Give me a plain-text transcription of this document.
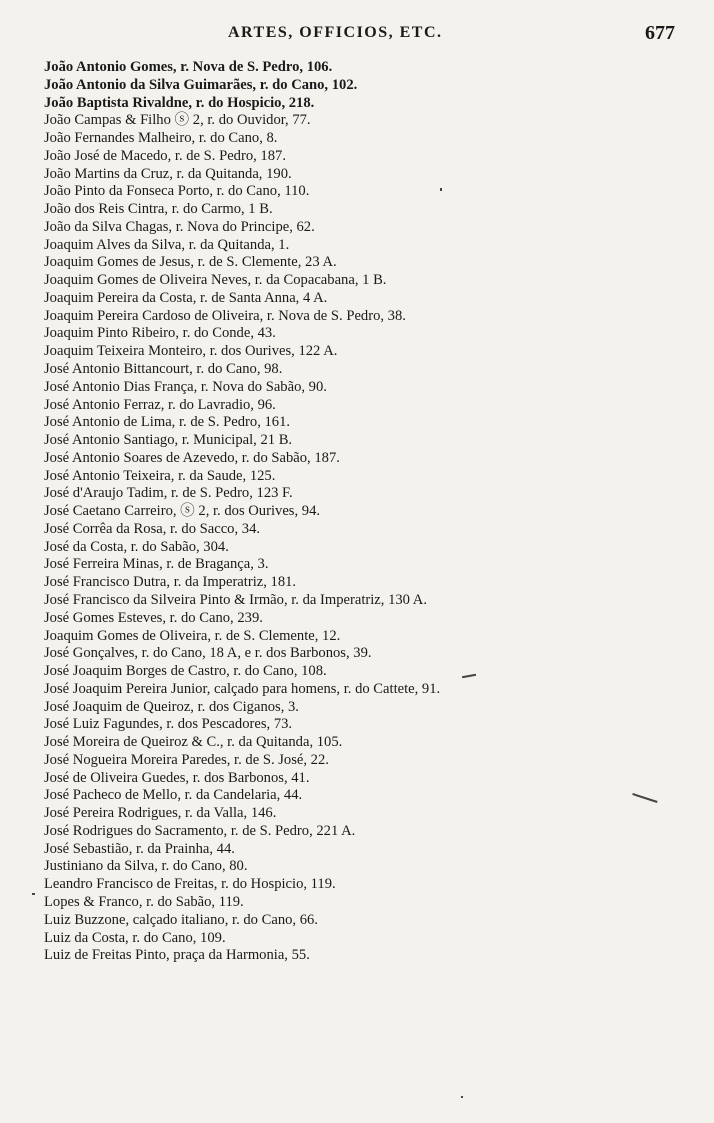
ARTES, OFFICIOS, ETC.	677
João Antonio Gomes, r. Nova de S. Pedro, 106.
João Antonio da Silva Guimarães, r. do Cano, 102.
João Baptista Rivaldne, r. do Hospicio, 218.
João Campas & Filho ⓢ 2, r. do Ouvidor, 77.
João Fernandes Malheiro, r. do Cano, 8.
João José de Macedo, r. de S. Pedro, 187.
João Martins da Cruz, r. da Quitanda, 190.
João Pinto da Fonseca Porto, r. do Cano, 110.
João dos Reis Cintra, r. do Carmo, 1 B.
João da Silva Chagas, r. Nova do Principe, 62.
Joaquim Alves da Silva, r. da Quitanda, 1.
Joaquim Gomes de Jesus, r. de S. Clemente, 23 A.
Joaquim Gomes de Oliveira Neves, r. da Copacabana, 1 B.
Joaquim Pereira da Costa, r. de Santa Anna, 4 A.
Joaquim Pereira Cardoso de Oliveira, r. Nova de S. Pedro, 38.
Joaquim Pinto Ribeiro, r. do Conde, 43.
Joaquim Teixeira Monteiro, r. dos Ourives, 122 A.
José Antonio Bittancourt, r. do Cano, 98.
José Antonio Dias França, r. Nova do Sabão, 90.
José Antonio Ferraz, r. do Lavradio, 96.
José Antonio de Lima, r. de S. Pedro, 161.
José Antonio Santiago, r. Municipal, 21 B.
José Antonio Soares de Azevedo, r. do Sabão, 187.
José Antonio Teixeira, r. da Saude, 125.
José d'Araujo Tadim, r. de S. Pedro, 123 F.
José Caetano Carreiro, ⓢ 2, r. dos Ourives, 94.
José Corrêa da Rosa, r. do Sacco, 34.
José da Costa, r. do Sabão, 304.
José Ferreira Minas, r. de Bragança, 3.
José Francisco Dutra, r. da Imperatriz, 181.
José Francisco da Silveira Pinto & Irmão, r. da Imperatriz, 130 A.
José Gomes Esteves, r. do Cano, 239.
Joaquim Gomes de Oliveira, r. de S. Clemente, 12.
José Gonçalves, r. do Cano, 18 A, e r. dos Barbonos, 39.
José Joaquim Borges de Castro, r. do Cano, 108.
José Joaquim Pereira Junior, calçado para homens, r. do Cattete, 91.
José Joaquim de Queiroz, r. dos Ciganos, 3.
José Luiz Fagundes, r. dos Pescadores, 73.
José Moreira de Queiroz & C., r. da Quitanda, 105.
José Nogueira Moreira Paredes, r. de S. José, 22.
José de Oliveira Guedes, r. dos Barbonos, 41.
José Pacheco de Mello, r. da Candelaria, 44.
José Pereira Rodrigues, r. da Valla, 146.
José Rodrigues do Sacramento, r. de S. Pedro, 221 A.
José Sebastião, r. da Prainha, 44.
Justiniano da Silva, r. do Cano, 80.
Leandro Francisco de Freitas, r. do Hospicio, 119.
Lopes & Franco, r. do Sabão, 119.
Luiz Buzzone, calçado italiano, r. do Cano, 66.
Luiz da Costa, r. do Cano, 109.
Luiz de Freitas Pinto, praça da Harmonia, 55.
